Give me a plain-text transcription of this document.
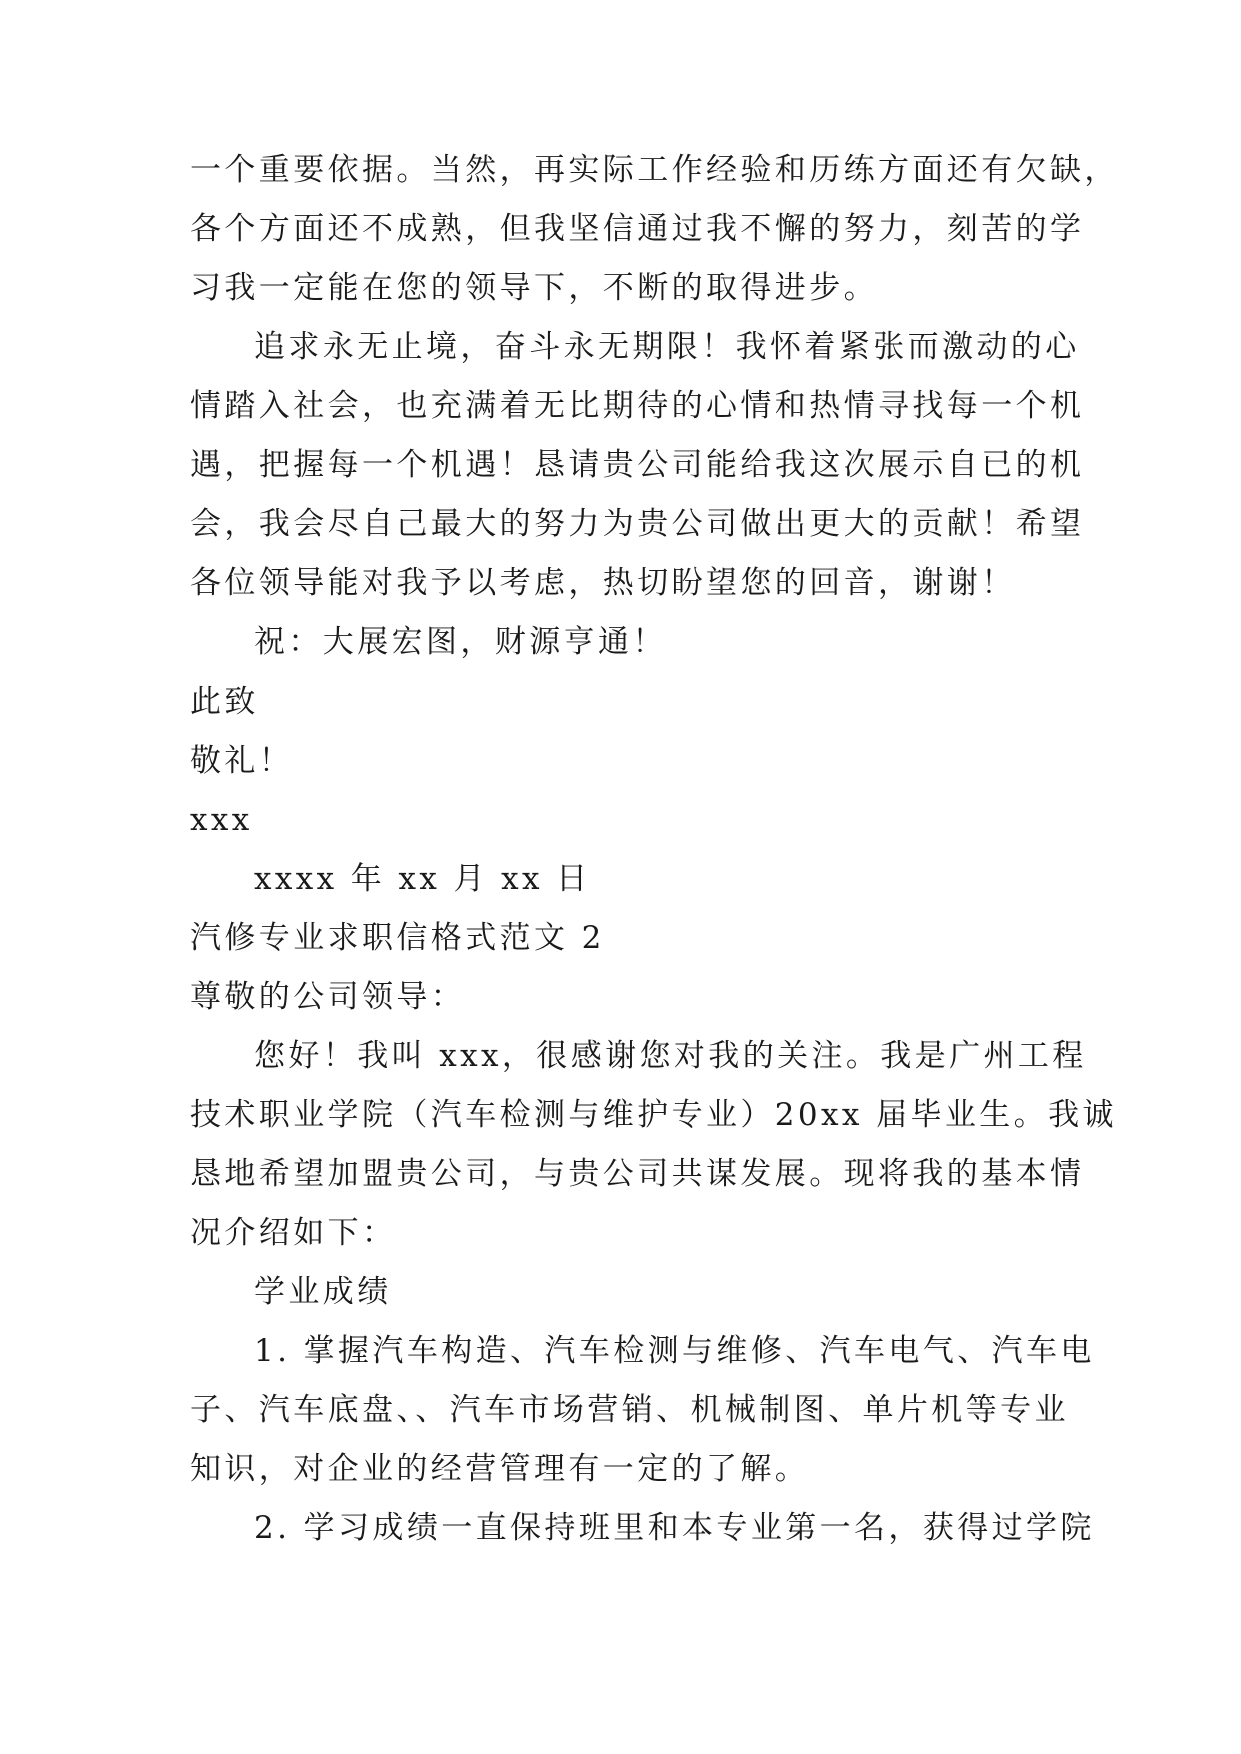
一个重要依据。当然，再实际工作经验和历练方面还有欠缺，
各个方面还不成熟，但我坚信通过我不懈的努力，刻苦的学
习我一定能在您的领导下，不断的取得进步。
追求永无止境，奋斗永无期限！我怀着紧张而激动的心
情踏入社会，也充满着无比期待的心情和热情寻找每一个机
遇，把握每一个机遇！恳请贵公司能给我这次展示自已的机
会，我会尽自己最大的努力为贵公司做出更大的贡献！希望
各位领导能对我予以考虑，热切盼望您的回音，谢谢！
祝：大展宏图，财源亨通！
此致
敬礼！
xxx
xxxx 年 xx 月 xx 日
汽修专业求职信格式范文 2
尊敬的公司领导：
您好！我叫 xxx，很感谢您对我的关注。我是广州工程
技术职业学院（汽车检测与维护专业）20xx 届毕业生。我诚
恳地希望加盟贵公司，与贵公司共谋发展。现将我的基本情
况介绍如下：
学业成绩
1. 掌握汽车构造、汽车检测与维修、汽车电气、汽车电
子、汽车底盘、、汽车市场营销、机械制图、单片机等专业
知识，对企业的经营管理有一定的了解。
2. 学习成绩一直保持班里和本专业第一名，获得过学院
